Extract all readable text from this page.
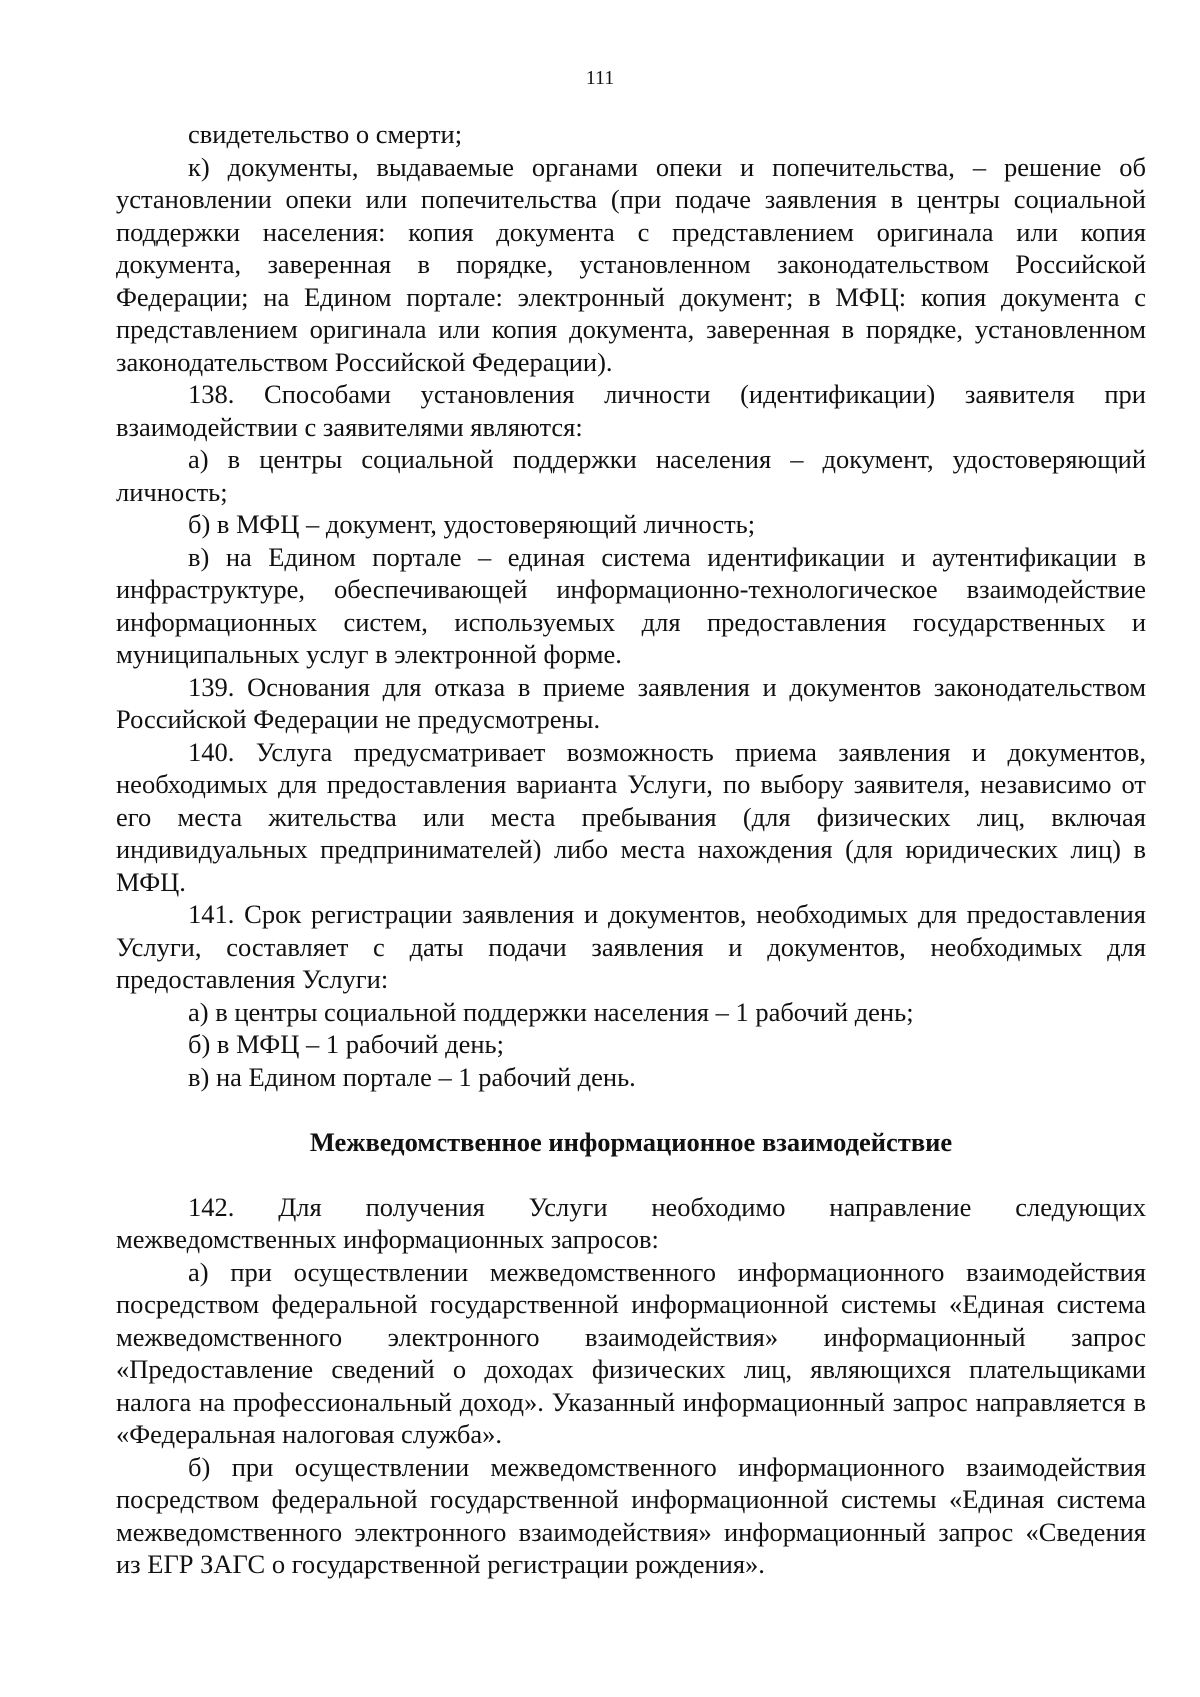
111

свидетельство о смерти;

к) документы, выдаваемые органами опеки и попечительства, – решение об установлении опеки или попечительства (при подаче заявления в центры социальной поддержки населения: копия документа с представлением оригинала или копия документа, заверенная в порядке, установленном законодательством Российской Федерации; на Едином портале: электронный документ; в МФЦ: копия документа с представлением оригинала или копия документа, заверенная в порядке, установленном законодательством Российской Федерации).

138. Способами установления личности (идентификации) заявителя при взаимодействии с заявителями являются:

а) в центры социальной поддержки населения – документ, удостоверяющий личность;

б) в МФЦ – документ, удостоверяющий личность;

в) на Едином портале – единая система идентификации и аутентификации в инфраструктуре, обеспечивающей информационно-технологическое взаимодействие информационных систем, используемых для предоставления государственных и муниципальных услуг в электронной форме.

139. Основания для отказа в приеме заявления и документов законодательством Российской Федерации не предусмотрены.

140. Услуга предусматривает возможность приема заявления и документов, необходимых для предоставления варианта Услуги, по выбору заявителя, независимо от его места жительства или места пребывания (для физических лиц, включая индивидуальных предпринимателей) либо места нахождения (для юридических лиц) в МФЦ.

141. Срок регистрации заявления и документов, необходимых для предоставления Услуги, составляет с даты подачи заявления и документов, необходимых для предоставления Услуги:

а) в центры социальной поддержки населения – 1 рабочий день;

б) в МФЦ – 1 рабочий день;

в) на Едином портале – 1 рабочий день.

Межведомственное информационное взаимодействие

142. Для получения Услуги необходимо направление следующих межведомственных информационных запросов:

а) при осуществлении межведомственного информационного взаимодействия посредством федеральной государственной информационной системы «Единая система межведомственного электронного взаимодействия» информационный запрос «Предоставление сведений о доходах физических лиц, являющихся плательщиками налога на профессиональный доход». Указанный информационный запрос направляется в «Федеральная налоговая служба».

б) при осуществлении межведомственного информационного взаимодействия посредством федеральной государственной информационной системы «Единая система межведомственного электронного взаимодействия» информационный запрос «Сведения из ЕГР ЗАГС о государственной регистрации рождения».
